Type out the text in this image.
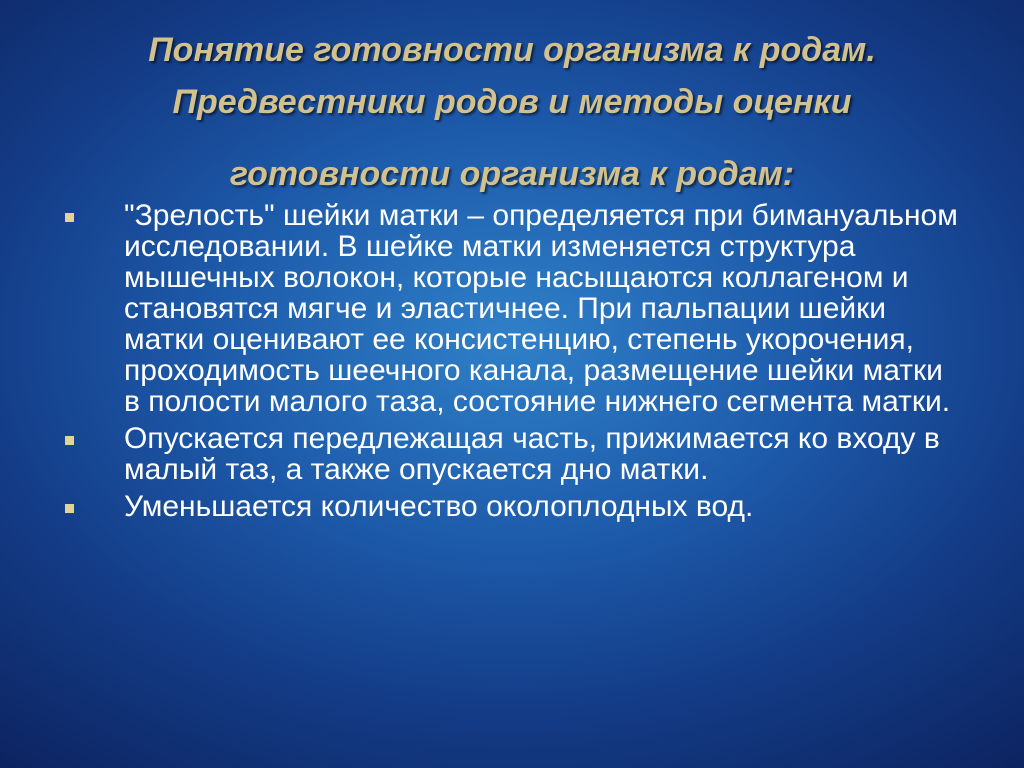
Понятие готовности организма к родам.
Предвестники родов и методы оценки
готовности организма к родам:
"Зрелость" шейки матки – определяется при бимануальном исследовании. В шейке матки изменяется структура мышечных волокон, которые насыщаются коллагеном и становятся мягче и эластичнее. При пальпации шейки матки оценивают ее консистенцию, степень укорочения, проходимость шеечного канала, размещение шейки матки в полости малого таза, состояние нижнего сегмента матки.
Опускается передлежащая часть, прижимается ко входу в малый таз, а также опускается дно матки.
Уменьшается количество околоплодных вод.
